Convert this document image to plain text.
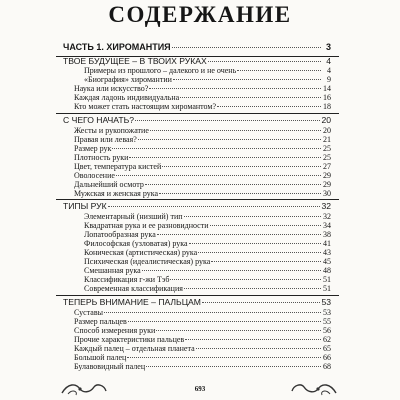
СОДЕРЖАНИЕ
ЧАСТЬ 1. ХИРОМАНТИЯ	3
ТВОЕ БУДУЩЕЕ – В ТВОИХ РУКАХ	4
Примеры из прошлого – далекого и не очень	4
«Биография» хиромантии	9
Наука или искусство?	14
Каждая ладонь индивидуальна	16
Кто может стать настоящим хиромантом?	18
С ЧЕГО НАЧАТЬ?	20
Жесты и рукопожатие	20
Правая или левая?	21
Размер рук	25
Плотность руки	25
Цвет, температура кистей	27
Оволосение	29
Дальнейший осмотр	29
Мужская и женская рука	30
ТИПЫ РУК	32
Элементарный (низший) тип	32
Квадратная рука и ее разновидности	34
Лопатообразная рука	38
Философская (узловатая) рука	41
Коническая (артистическая) рука	43
Психическая (идеалистическая) рука	45
Смешанная рука	48
Классификация г-жи Тэб	51
Современная классификация	51
ТЕПЕРЬ ВНИМАНИЕ – ПАЛЬЦАМ	53
Суставы	53
Размер пальцев	55
Способ измерения руки	56
Прочие характеристики пальцев	62
Каждый палец – отдельная планета	65
Большой палец	66
Булавовидный палец	68
693
